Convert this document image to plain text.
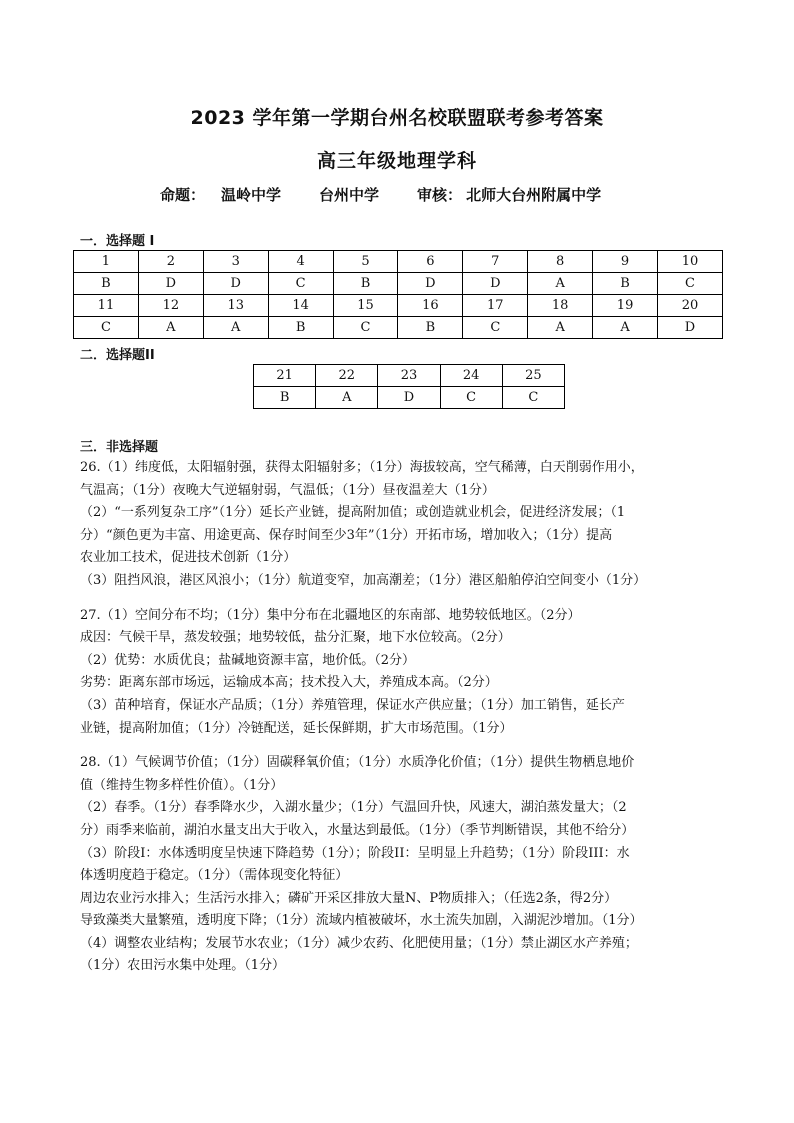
2023 学年第一学期台州名校联盟联考参考答案
高三年级地理学科
命题： 温岭中学	台州中学	审核： 北师大台州附属中学
一．选择题 I
1	2	3	4	5	6	7	8	9	10
B	D	D	C	B	D	D	A	B	C
11	12	13	14	15	16	17	18	19	20
C	A	A	B	C	B	C	A	A	D
二．选择题II
21	22	23	24	25
B	A	D	C	C
三．非选择题

26.（1）纬度低，太阳辐射强，获得太阳辐射多；（1分）海拔较高，空气稀薄，白天削弱作用小，

气温高；（1分）夜晚大气逆辐射弱，气温低；（1分）昼夜温差大（1分）

（2）“一系列复杂工序”（1分）延长产业链，提高附加值；或创造就业机会，促进经济发展；（1

分）“颜色更为丰富、用途更高、保存时间至少3年”（1分）开拓市场，增加收入；（1分）提高

农业加工技术，促进技术创新（1分）

（3）阻挡风浪，港区风浪小；（1分）航道变窄，加高潮差；（1分）港区船舶停泊空间变小（1分）

27.（1）空间分布不均；（1分）集中分布在北疆地区的东南部、地势较低地区。（2分）

成因：气候干旱，蒸发较强；地势较低，盐分汇聚，地下水位较高。（2分）

（2）优势：水质优良；盐碱地资源丰富，地价低。（2分）

劣势：距离东部市场远，运输成本高；技术投入大，养殖成本高。（2分）

（3）苗种培育，保证水产品质；（1分）养殖管理，保证水产供应量；（1分）加工销售，延长产

业链，提高附加值；（1分）冷链配送，延长保鲜期，扩大市场范围。（1分）

28.（1）气候调节价值；（1分）固碳释氧价值；（1分）水质净化价值；（1分）提供生物栖息地价

值（维持生物多样性价值）。（1分）

（2）春季。（1分）春季降水少，入湖水量少；（1分）气温回升快，风速大，湖泊蒸发量大；（2

分）雨季来临前，湖泊水量支出大于收入，水量达到最低。（1分）（季节判断错误，其他不给分）

（3）阶段I：水体透明度呈快速下降趋势（1分）；阶段II：呈明显上升趋势；（1分）阶段III：水

体透明度趋于稳定。（1分）（需体现变化特征）

周边农业污水排入；生活污水排入；磷矿开采区排放大量N、P物质排入；（任选2条，得2分）

导致藻类大量繁殖，透明度下降；（1分）流域内植被破坏，水土流失加剧，入湖泥沙增加。（1分）

（4）调整农业结构；发展节水农业；（1分）减少农药、化肥使用量；（1分）禁止湖区水产养殖；

（1分）农田污水集中处理。（1分）
